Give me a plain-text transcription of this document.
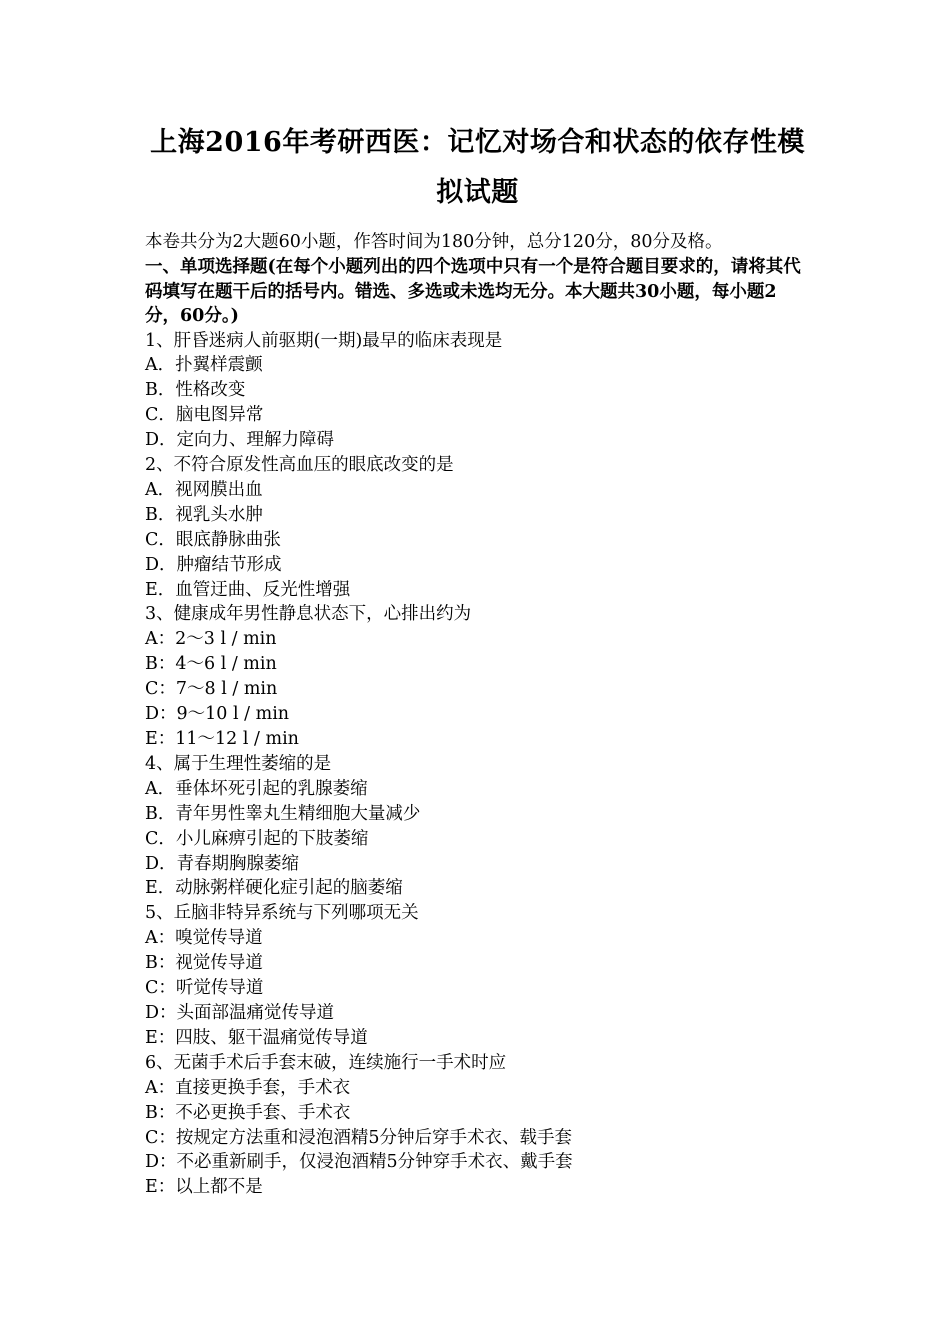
上海2016年考研西医：记忆对场合和状态的依存性模拟试题
本卷共分为2大题60小题，作答时间为180分钟，总分120分，80分及格。
一、单项选择题(在每个小题列出的四个选项中只有一个是符合题目要求的，请将其代码填写在题干后的括号内。错选、多选或未选均无分。本大题共30小题，每小题2分，60分。)
1、肝昏迷病人前驱期(一期)最早的临床表现是
A．扑翼样震颤
B．性格改变
C．脑电图异常
D．定向力、理解力障碍
2、不符合原发性高血压的眼底改变的是
A．视网膜出血
B．视乳头水肿
C．眼底静脉曲张
D．肿瘤结节形成
E．血管迂曲、反光性增强
3、健康成年男性静息状态下，心排出约为
A：2～3 l / min
B：4～6 l / min
C：7～8 l / min
D：9～10 l / min
E：11～12 l / min
4、属于生理性萎缩的是
A．垂体坏死引起的乳腺萎缩
B．青年男性睾丸生精细胞大量减少
C．小儿麻痹引起的下肢萎缩
D．青春期胸腺萎缩
E．动脉粥样硬化症引起的脑萎缩
5、丘脑非特异系统与下列哪项无关
A：嗅觉传导道
B：视觉传导道
C：听觉传导道
D：头面部温痛觉传导道
E：四肢、躯干温痛觉传导道
6、无菌手术后手套末破，连续施行一手术时应
A：直接更换手套，手术衣
B：不必更换手套、手术衣
C：按规定方法重和浸泡酒精5分钟后穿手术衣、载手套
D：不必重新刷手，仅浸泡酒精5分钟穿手术衣、戴手套
E：以上都不是
